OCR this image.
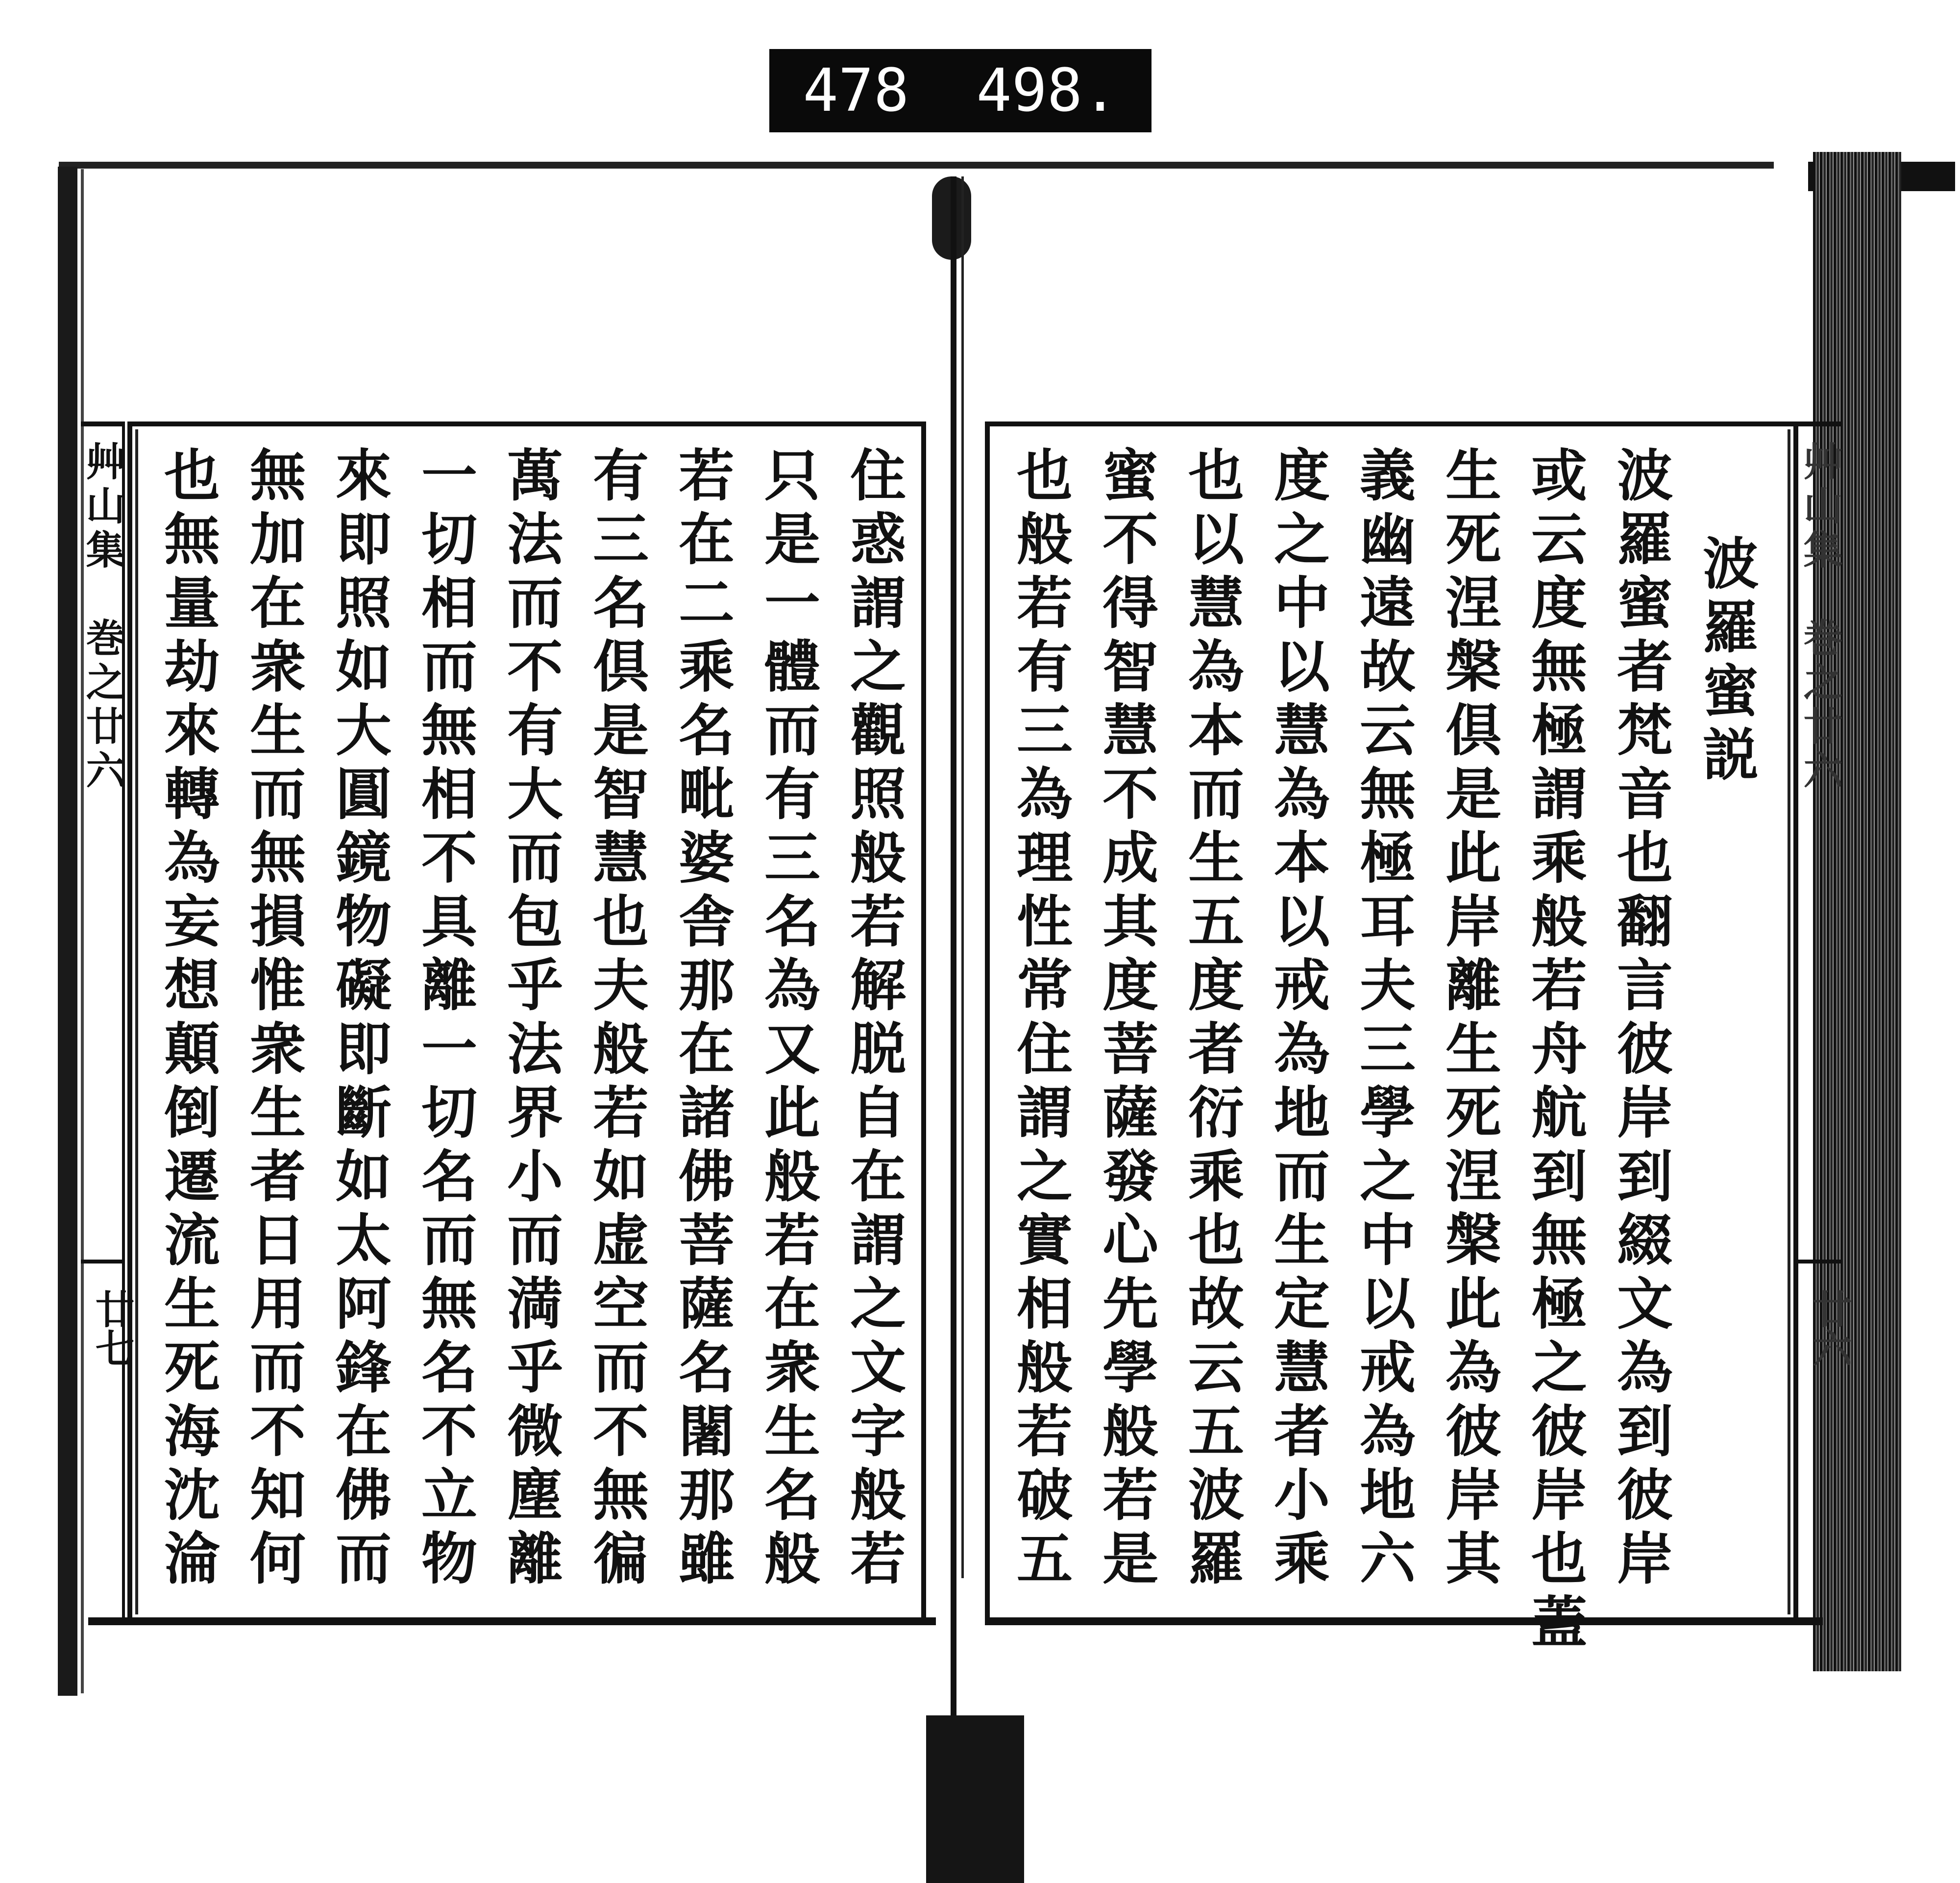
478 498.
艸山集　巻之廿六
廿七
艸山集　巻之廿六
廿六
住惑謂之觀照般若解脱自在謂之文字般若
只是一體而有三名為又此般若在衆生名般
若在二乘名毗婆舎那在諸佛菩薩名闍那雖
有三名倶是智慧也夫般若如虚空而不無徧
萬法而不有大而包乎法界小而満乎微塵離
一切相而無相不具離一切名而無名不立物
來即照如大圓鏡物礙即斷如太阿鋒在佛而
無加在衆生而無損惟衆生者日用而不知何
也無量劫來轉為妄想顛倒遷流生死海沈淪	波羅蜜説
波羅蜜者梵音也翻言彼岸到綴文為到彼岸
或云度無極謂乘般若舟航到無極之彼岸也蓋
生死涅槃倶是此岸離生死涅槃此為彼岸其
義幽遠故云無極耳夫三學之中以戒為地六
度之中以慧為本以戒為地而生定慧者小乘
也以慧為本而生五度者衍乘也故云五波羅
蜜不得智慧不成其度菩薩發心先學般若是
也般若有三為理性常住謂之實相般若破五
